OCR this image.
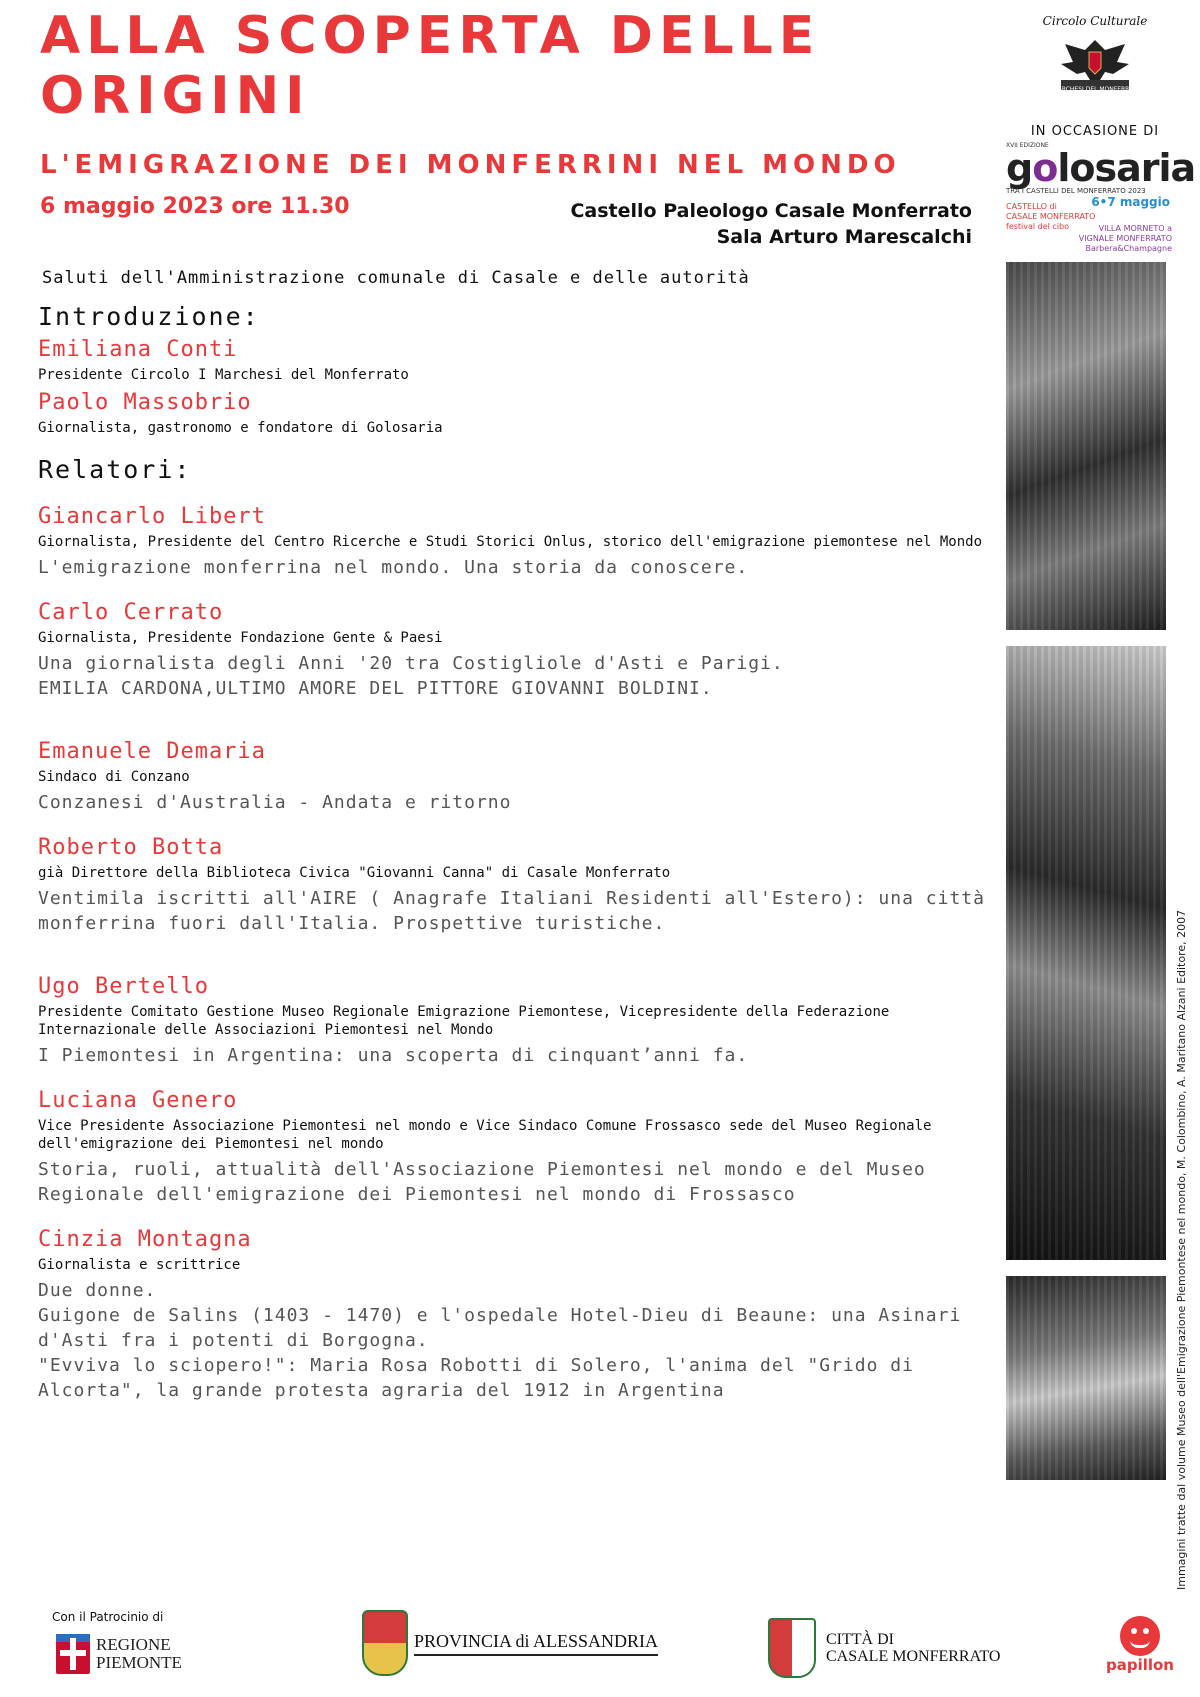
ALLA SCOPERTA DELLE ORIGINI
L'EMIGRAZIONE DEI MONFERRINI NEL MONDO
6 maggio 2023 ore 11.30	Castello Paleologo Casale Monferrato
Sala Arturo Marescalchi
Saluti dell'Amministrazione comunale di Casale e delle autorità
Introduzione:
Emiliana Conti
Presidente Circolo I Marchesi del Monferrato
Paolo Massobrio
Giornalista, gastronomo e fondatore di Golosaria
Relatori:
Giancarlo Libert
Giornalista, Presidente del Centro Ricerche e Studi Storici Onlus, storico dell'emigrazione piemontese nel Mondo
L'emigrazione monferrina nel mondo. Una storia da conoscere.
Carlo Cerrato
Giornalista, Presidente Fondazione Gente & Paesi
Una giornalista degli Anni '20 tra Costigliole d'Asti e Parigi.
EMILIA CARDONA,ULTIMO AMORE DEL PITTORE GIOVANNI BOLDINI.
Emanuele Demaria
Sindaco di Conzano
Conzanesi d'Australia - Andata e ritorno
Roberto Botta
già Direttore della Biblioteca Civica "Giovanni Canna" di Casale Monferrato
Ventimila iscritti all'AIRE ( Anagrafe Italiani Residenti all'Estero): una città monferrina fuori dall'Italia. Prospettive turistiche.
Ugo Bertello
Presidente Comitato Gestione Museo Regionale Emigrazione Piemontese, Vicepresidente della Federazione Internazionale delle Associazioni Piemontesi nel Mondo
I Piemontesi in Argentina: una scoperta di cinquant’anni fa.
Luciana Genero
Vice Presidente Associazione Piemontesi nel mondo e Vice Sindaco Comune Frossasco sede del Museo Regionale dell'emigrazione dei Piemontesi nel mondo
Storia, ruoli, attualità dell'Associazione Piemontesi nel mondo e del Museo Regionale dell'emigrazione dei Piemontesi nel mondo di Frossasco
Cinzia Montagna
Giornalista e scrittrice
Due donne.
Guigone de Salins (1403 - 1470) e l'ospedale Hotel-Dieu di Beaune: una Asinari d'Asti fra i potenti di Borgogna.
"Evviva lo sciopero!": Maria Rosa Robotti di Solero, l'anima del "Grido di Alcorta", la grande protesta agraria del 1912 in Argentina
Circolo Culturale
I MARCHESI DEL MONFERRATO
IN OCCASIONE DI
XVII EDIZIONE
golosaria
TRA I CASTELLI DEL MONFERRATO 2023
6•7 maggio
CASTELLO di
CASALE MONFERRATO
festival del cibo	VILLA MORNETO a
VIGNALE MONFERRATO
Barbera&Champagne
Immagini tratte dal volume Museo dell'Emigrazione Piemontese nel mondo, M. Colombino, A. Maritano Alzani Editore, 2007
Con il Patrocinio di
REGIONE
PIEMONTE
PROVINCIA di ALESSANDRIA	CITTÀ DI
CASALE MONFERRATO	papillon
